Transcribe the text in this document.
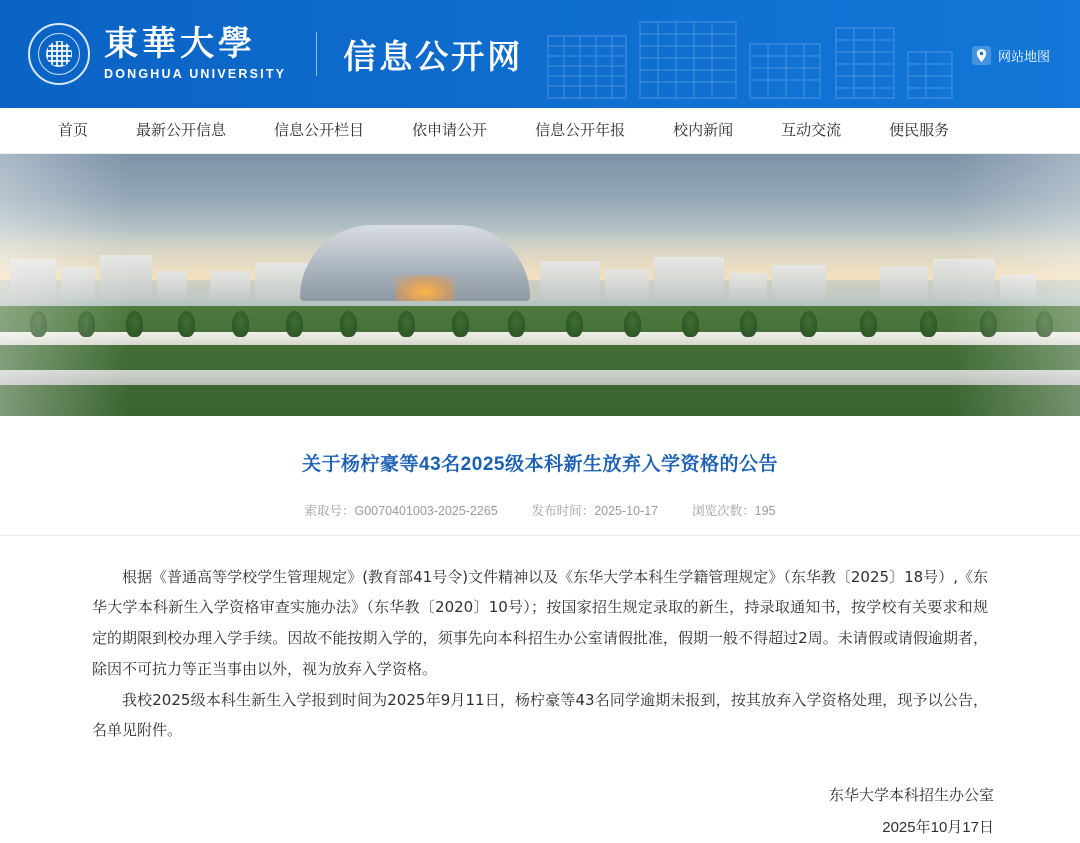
東華大學
DONGHUA UNIVERSITY 信息公开网	网站地图
首页	最新公开信息	信息公开栏目	依申请公开	信息公开年报	校内新闻	互动交流	便民服务
关于杨柠豪等43名2025级本科新生放弃入学资格的公告
索取号：G0070401003-2025-2265	发布时间：2025-10-17	浏览次数：195

根据《普通高等学校学生管理规定》(教育部41号令)文件精神以及《东华大学本科生学籍管理规定》（东华教〔2025〕18号）,《东华大学本科新生入学资格审查实施办法》（东华教〔2020〕10号）；按国家招生规定录取的新生，持录取通知书，按学校有关要求和规定的期限到校办理入学手续。因故不能按期入学的，须事先向本科招生办公室请假批准，假期一般不得超过2周。未请假或请假逾期者，除因不可抗力等正当事由以外，视为放弃入学资格。

我校2025级本科生新生入学报到时间为2025年9月11日，杨柠豪等43名同学逾期未报到，按其放弃入学资格处理，现予以公告，名单见附件。

东华大学本科招生办公室
2025年10月17日
